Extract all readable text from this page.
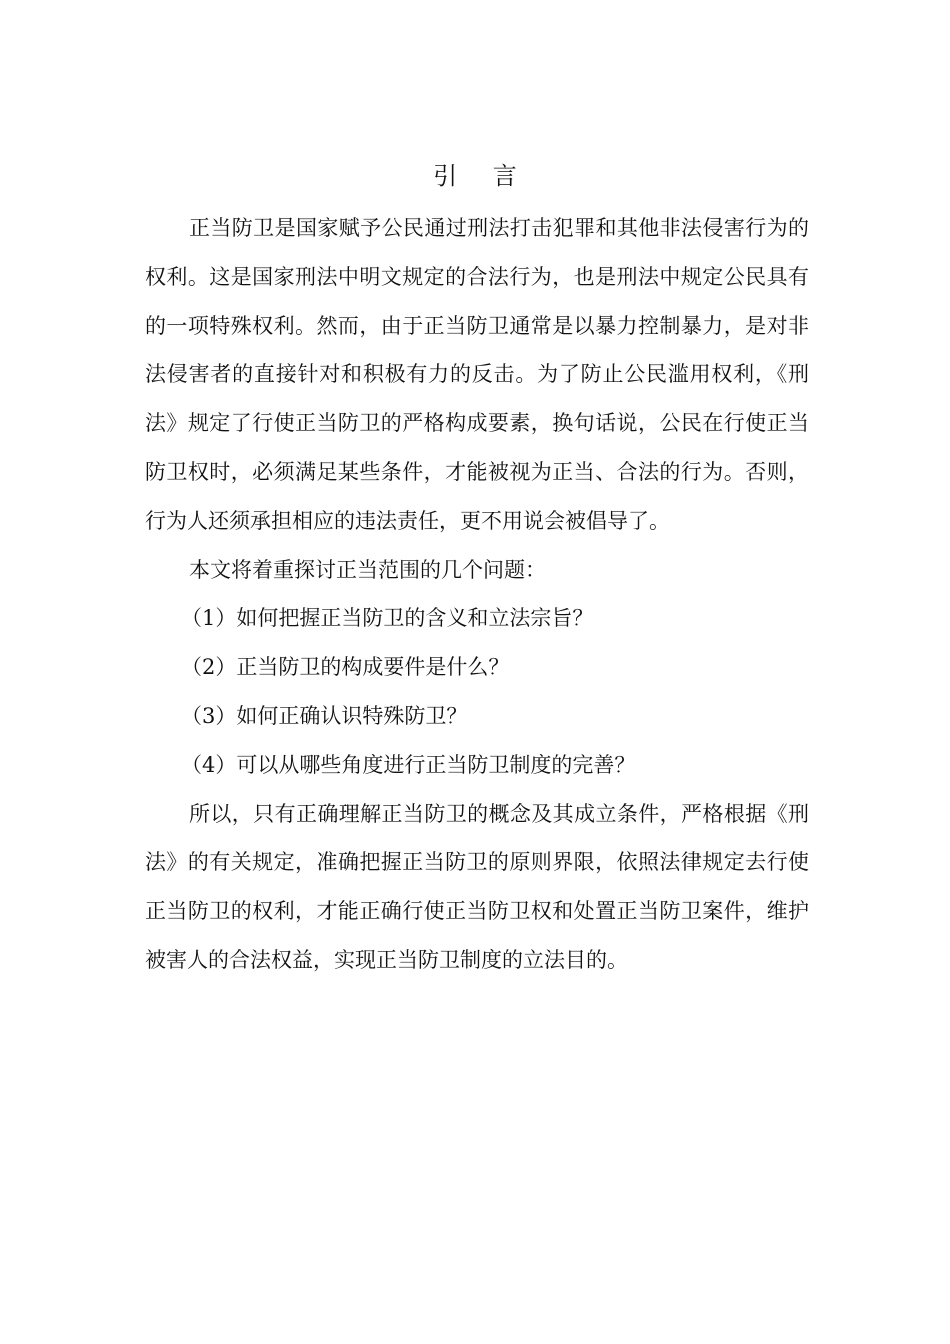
引 言

正当防卫是国家赋予公民通过刑法打击犯罪和其他非法侵害行为的权利。这是国家刑法中明文规定的合法行为，也是刑法中规定公民具有的一项特殊权利。然而，由于正当防卫通常是以暴力控制暴力，是对非法侵害者的直接针对和积极有力的反击。为了防止公民滥用权利，《刑法》规定了行使正当防卫的严格构成要素，换句话说，公民在行使正当防卫权时，必须满足某些条件，才能被视为正当、合法的行为。否则，行为人还须承担相应的违法责任，更不用说会被倡导了。

本文将着重探讨正当范围的几个问题：

（1）如何把握正当防卫的含义和立法宗旨？

（2）正当防卫的构成要件是什么？

（3）如何正确认识特殊防卫？

（4）可以从哪些角度进行正当防卫制度的完善？

所以，只有正确理解正当防卫的概念及其成立条件，严格根据《刑法》的有关规定，准确把握正当防卫的原则界限，依照法律规定去行使正当防卫的权利，才能正确行使正当防卫权和处置正当防卫案件，维护被害人的合法权益，实现正当防卫制度的立法目的。
